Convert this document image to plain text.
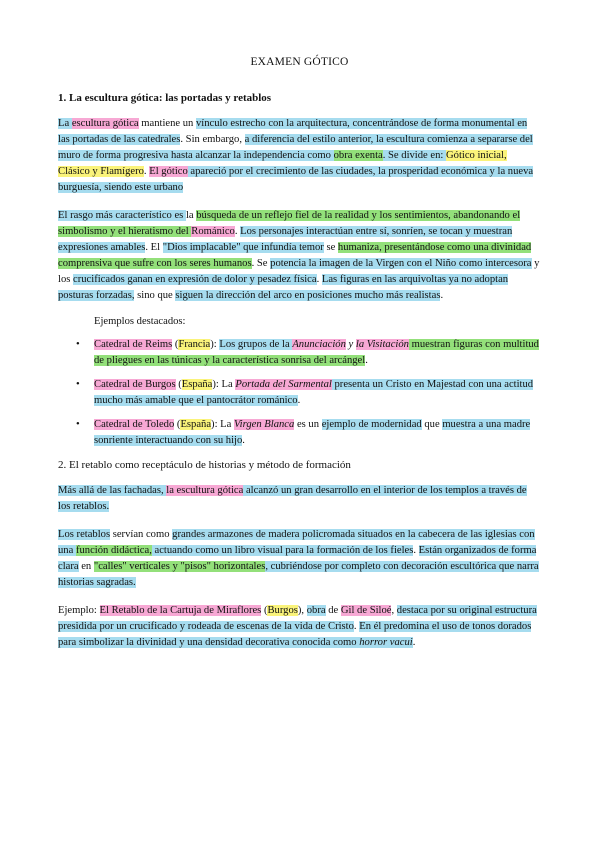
EXAMEN GÓTICO
1. La escultura gótica: las portadas y retablos

La escultura gótica mantiene un vínculo estrecho con la arquitectura, concentrándose de forma monumental en las portadas de las catedrales. Sin embargo, a diferencia del estilo anterior, la escultura comienza a separarse del muro de forma progresiva hasta alcanzar la independencia como obra exenta. Se divide en: Gótico inicial, Clásico y Flamígero. El gótico apareció por el crecimiento de las ciudades, la prosperidad económica y la nueva burguesía, siendo este urbano

El rasgo más característico es la búsqueda de un reflejo fiel de la realidad y los sentimientos, abandonando el simbolismo y el hieratismo del Románico. Los personajes interactúan entre sí, sonríen, se tocan y muestran expresiones amables. El "Dios implacable" que infundía temor se humaniza, presentándose como una divinidad comprensiva que sufre con los seres humanos. Se potencia la imagen de la Virgen con el Niño como intercesora y los crucificados ganan en expresión de dolor y pesadez física. Las figuras en las arquivoltas ya no adoptan posturas forzadas, sino que siguen la dirección del arco en posiciones mucho más realistas.

Ejemplos destacados:
• Catedral de Reims (Francia): Los grupos de la Anunciación y la Visitación muestran figuras con multitud de pliegues en las túnicas y la característica sonrisa del arcángel.
• Catedral de Burgos (España): La Portada del Sarmental presenta un Cristo en Majestad con una actitud mucho más amable que el pantocrátor románico.
• Catedral de Toledo (España): La Virgen Blanca es un ejemplo de modernidad que muestra a una madre sonriente interactuando con su hijo.
2. El retablo como receptáculo de historias y método de formación

Más allá de las fachadas, la escultura gótica alcanzó un gran desarrollo en el interior de los templos a través de los retablos.

Los retablos servían como grandes armazones de madera policromada situados en la cabecera de las iglesias con una función didáctica, actuando como un libro visual para la formación de los fieles. Están organizados de forma clara en "calles" verticales y "pisos" horizontales, cubriéndose por completo con decoración escultórica que narra historias sagradas.

Ejemplo: El Retablo de la Cartuja de Miraflores (Burgos), obra de Gil de Siloé, destaca por su original estructura presidida por un crucificado y rodeada de escenas de la vida de Cristo. En él predomina el uso de tonos dorados para simbolizar la divinidad y una densidad decorativa conocida como horror vacui.
